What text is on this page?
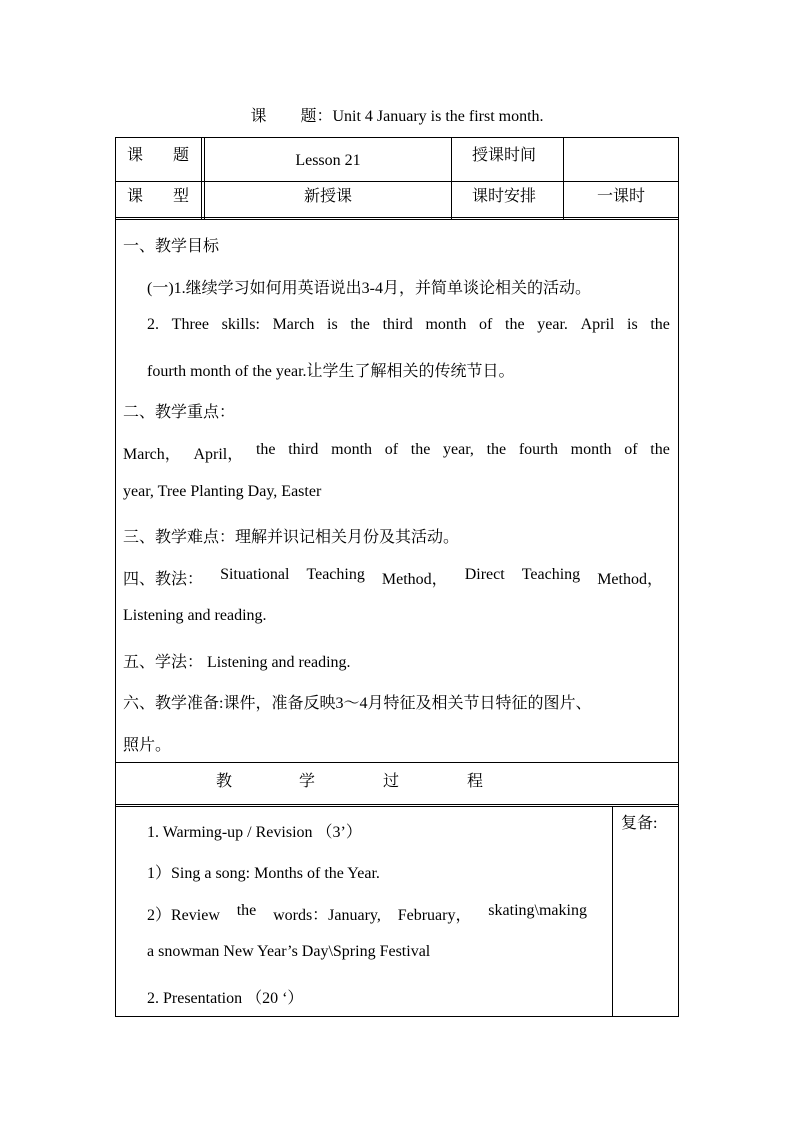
课 题：Unit 4 January is the first month.
课 题	Lesson 21	授课时间
课 型	新授课	课时安排	一课时
一、教学目标
(一)1.继续学习如何用英语说出3-4月，并简单谈论相关的活动。
2. Three skills: March is the third month of the year. April is the
fourth month of the year.让学生了解相关的传统节日。
二、教学重点：
March， April， the third month of the year, the fourth month of the
year, Tree Planting Day, Easter
三、教学难点：理解并识记相关月份及其活动。
四、教法： Situational Teaching Method， Direct Teaching Method，
Listening and reading.
五、学法： Listening and reading.
六、教学准备:课件，准备反映3～4月特征及相关节日特征的图片、
照片。
教	学	过	程
复备:
1. Warming-up / Revision （3’）
1）Sing a song: Months of the Year.
2）Review the words：January, February， skating\making
a snowman New Year’s Day\Spring Festival
2. Presentation （20 ‘）
